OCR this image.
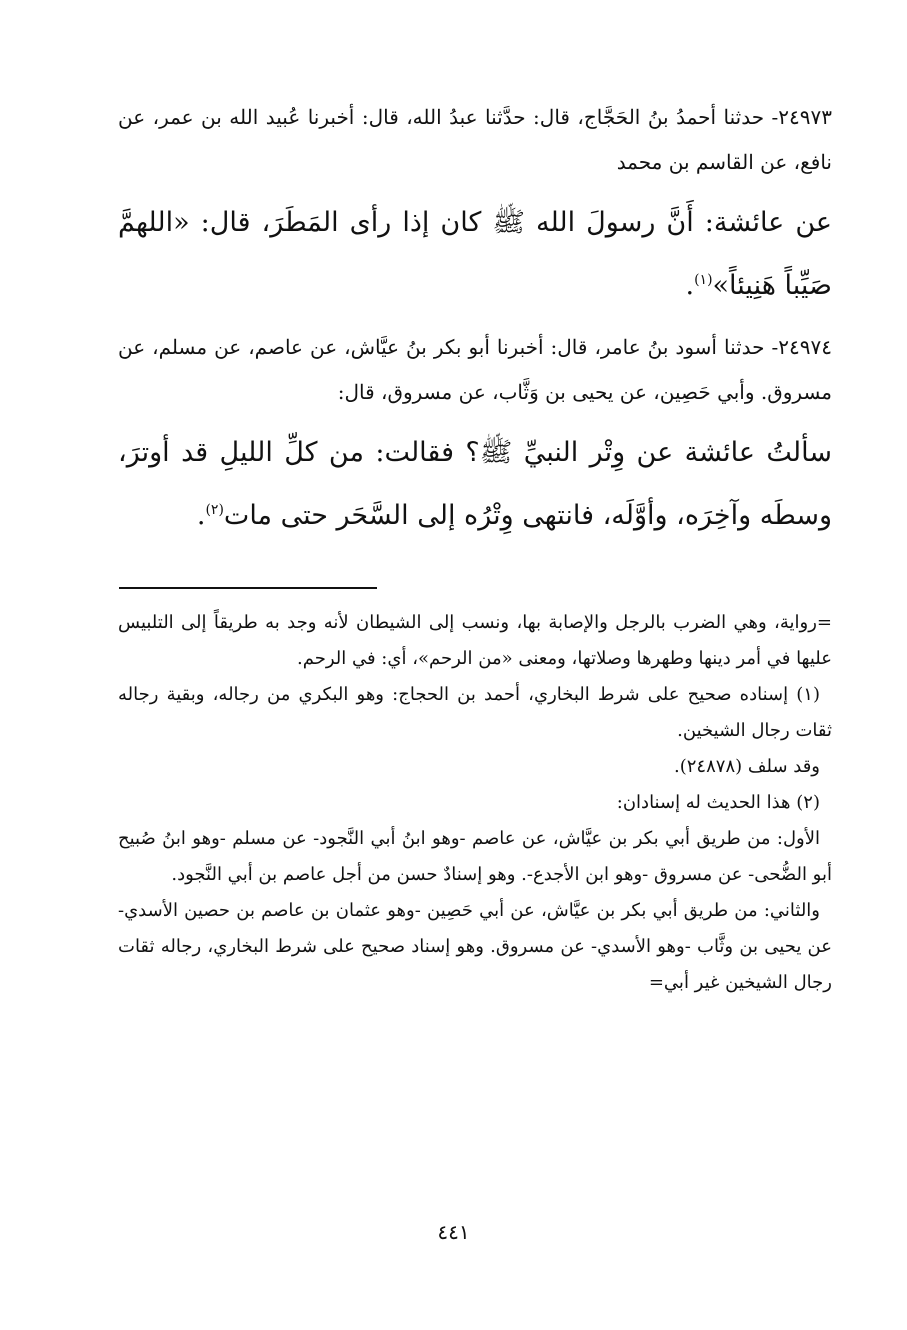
٢٤٩٧٣- حدثنا أحمدُ بنُ الحَجَّاج، قال: حدَّثنا عبدُ الله، قال: أخبرنا عُبيد الله بن عمر، عن نافع، عن القاسم بن محمد

عن عائشة: أَنَّ رسولَ الله ﷺ كان إذا رأى المَطَرَ، قال: «اللهمَّ صَيِّباً هَنِيئاً»$^{(١)}$.

٢٤٩٧٤- حدثنا أسود بنُ عامر، قال: أخبرنا أبو بكر بنُ عيَّاش، عن عاصم، عن مسلم، عن مسروق. وأبي حَصِين، عن يحيى بن وَثَّاب، عن مسروق، قال:

سألتُ عائشة عن وِتْر النبيِّ ﷺ؟ فقالت: من كلِّ الليلِ قد أوترَ، وسطَه وآخِرَه، وأوَّلَه، فانتهى وِتْرُه إلى السَّحَر حتى مات$^{(٢)}$.

=رواية، وهي الضرب بالرجل والإصابة بها، ونسب إلى الشيطان لأنه وجد به طريقاً إلى التلبيس عليها في أمر دينها وطهرها وصلاتها، ومعنى «من الرحم»، أي: في الرحم.

(١) إسناده صحيح على شرط البخاري، أحمد بن الحجاج: وهو البكري من رجاله، وبقية رجاله ثقات رجال الشيخين.

وقد سلف (٢٤٨٧٨).

(٢) هذا الحديث له إسنادان:

الأول: من طريق أبي بكر بن عيَّاش، عن عاصم -وهو ابنُ أبي النَّجود- عن مسلم -وهو ابنُ صُبيح أبو الضُّحى- عن مسروق -وهو ابن الأجدع-. وهو إسنادٌ حسن من أجل عاصم بن أبي النَّجود.

والثاني: من طريق أبي بكر بن عيَّاش، عن أبي حَصِين -وهو عثمان بن عاصم بن حصين الأسدي- عن يحيى بن وثَّاب -وهو الأسدي- عن مسروق. وهو إسناد صحيح على شرط البخاري، رجاله ثقات رجال الشيخين غير أبي=

٤٤١
